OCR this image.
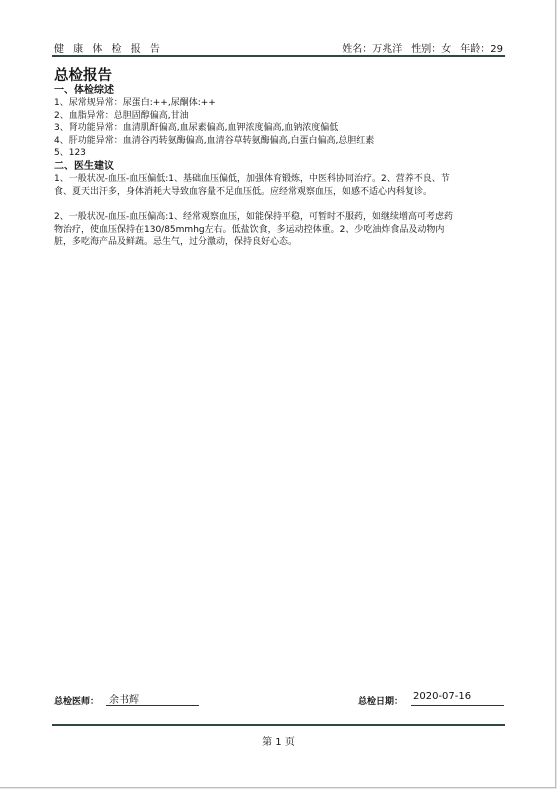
健 康 体 检 报 告	姓名：万兆洋 性别：女 年龄：29
总检报告
一、体检综述
1、尿常规异常：尿蛋白:++,尿酮体:++
2、血脂异常：总胆固醇偏高,甘油
3、肾功能异常：血清肌酐偏高,血尿素偏高,血钾浓度偏高,血钠浓度偏低
4、肝功能异常：血清谷丙转氨酶偏高,血清谷草转氨酶偏高,白蛋白偏高,总胆红素
5、123
二、医生建议
1、一般状况-血压-血压偏低:1、基础血压偏低，加强体育锻炼，中医科协同治疗。2、营养不良、节
食、夏天出汗多，身体消耗大导致血容量不足血压低。应经常观察血压，如感不适心内科复诊。
2、一般状况-血压-血压偏高:1、经常观察血压，如能保持平稳，可暂时不服药，如继续增高可考虑药
物治疗，使血压保持在130/85mmhg左右。低盐饮食，多运动控体重。2、少吃油炸食品及动物内
脏，多吃海产品及鲜蔬。忌生气，过分激动，保持良好心态。
总检医师： 余书辉	总检日期： 2020-07-16
第 1 页
